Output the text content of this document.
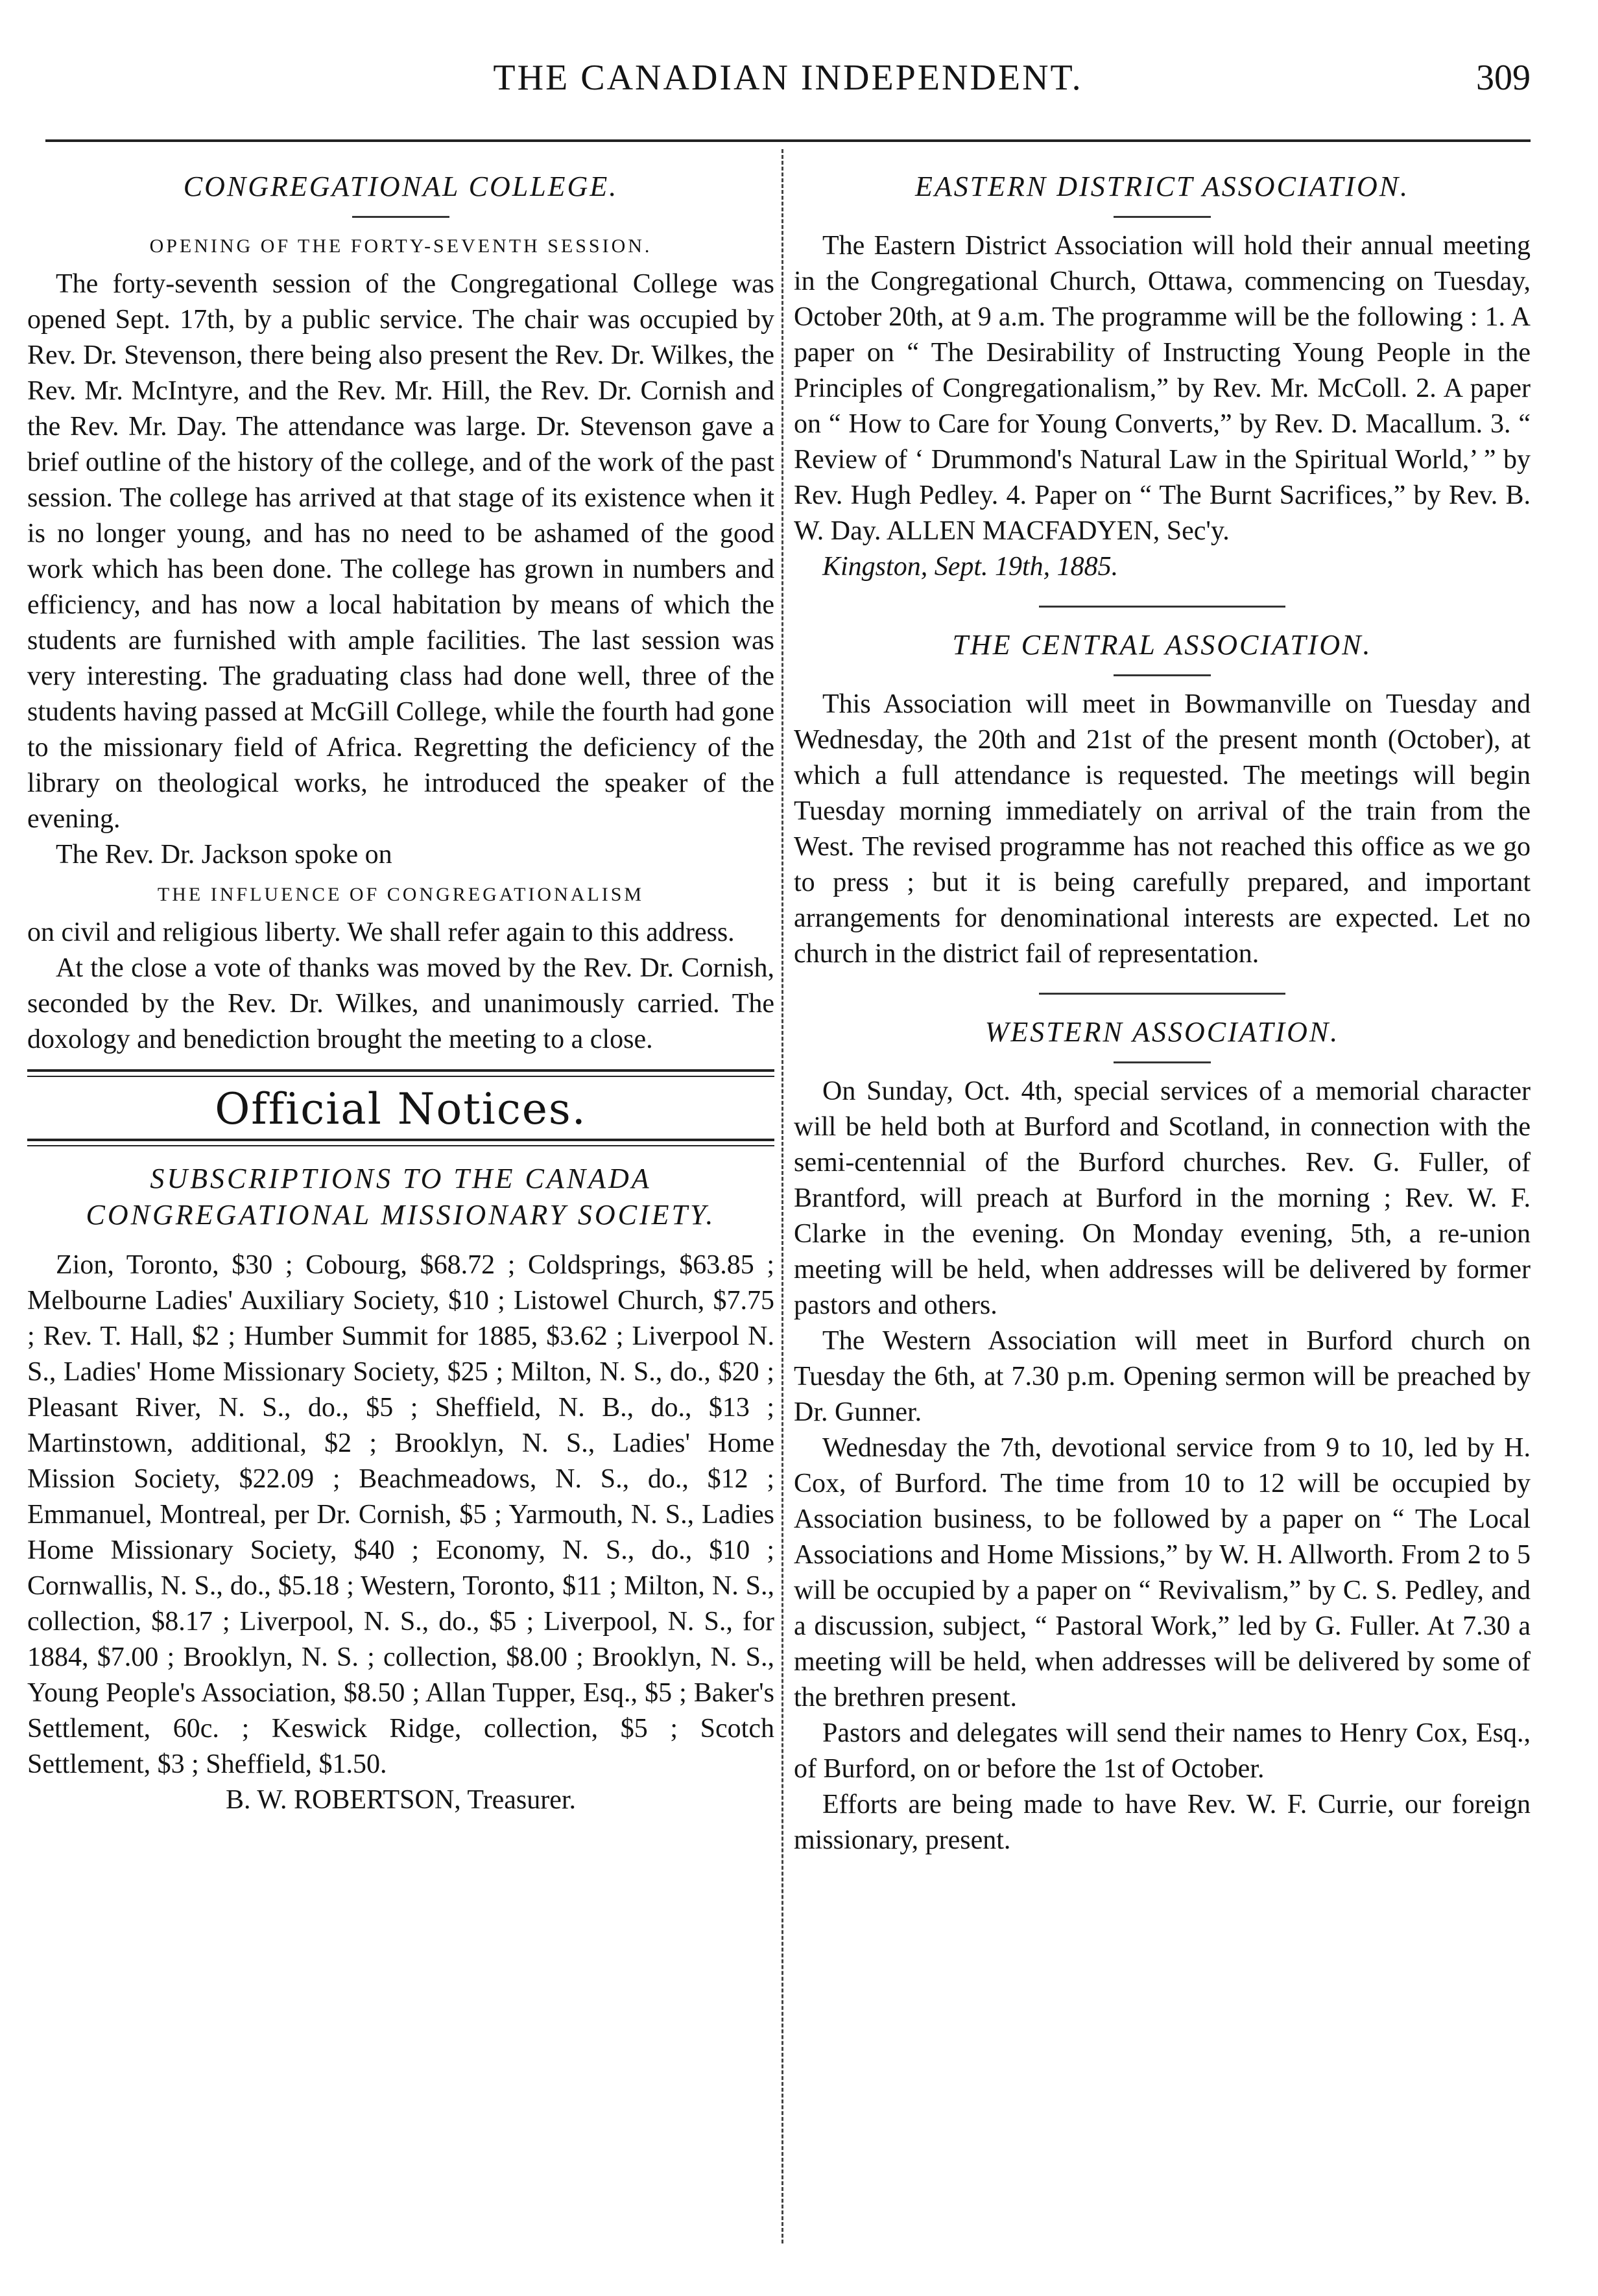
THE CANADIAN INDEPENDENT.	309
CONGREGATIONAL COLLEGE.
OPENING OF THE FORTY-SEVENTH SESSION.

The forty-seventh session of the Congregational College was opened Sept. 17th, by a public service. The chair was occupied by Rev. Dr. Stevenson, there being also present the Rev. Dr. Wilkes, the Rev. Mr. McIntyre, and the Rev. Mr. Hill, the Rev. Dr. Cornish and the Rev. Mr. Day. The attendance was large. Dr. Stevenson gave a brief outline of the history of the college, and of the work of the past session. The college has arrived at that stage of its existence when it is no longer young, and has no need to be ashamed of the good work which has been done. The college has grown in numbers and efficiency, and has now a local habitation by means of which the students are furnished with ample facilities. The last session was very interesting. The graduating class had done well, three of the students having passed at McGill College, while the fourth had gone to the missionary field of Africa. Regretting the deficiency of the library on theological works, he introduced the speaker of the evening.

The Rev. Dr. Jackson spoke on

THE INFLUENCE OF CONGREGATIONALISM

on civil and religious liberty. We shall refer again to this address.

At the close a vote of thanks was moved by the Rev. Dr. Cornish, seconded by the Rev. Dr. Wilkes, and unanimously carried. The doxology and benediction brought the meeting to a close.

Official Notices.
SUBSCRIPTIONS TO THE CANADA CONGREGATIONAL MISSIONARY SOCIETY.

Zion, Toronto, $30 ; Cobourg, $68.72 ; Coldsprings, $63.85 ; Melbourne Ladies' Auxiliary Society, $10 ; Listowel Church, $7.75 ; Rev. T. Hall, $2 ; Humber Summit for 1885, $3.62 ; Liverpool N. S., Ladies' Home Missionary Society, $25 ; Milton, N. S., do., $20 ; Pleasant River, N. S., do., $5 ; Sheffield, N. B., do., $13 ; Martinstown, additional, $2 ; Brooklyn, N. S., Ladies' Home Mission Society, $22.09 ; Beachmeadows, N. S., do., $12 ; Emmanuel, Montreal, per Dr. Cornish, $5 ; Yarmouth, N. S., Ladies Home Missionary Society, $40 ; Economy, N. S., do., $10 ; Cornwallis, N. S., do., $5.18 ; Western, Toronto, $11 ; Milton, N. S., collection, $8.17 ; Liverpool, N. S., do., $5 ; Liverpool, N. S., for 1884, $7.00 ; Brooklyn, N. S. ; collection, $8.00 ; Brooklyn, N. S., Young People's Association, $8.50 ; Allan Tupper, Esq., $5 ; Baker's Settlement, 60c. ; Keswick Ridge, collection, $5 ; Scotch Settlement, $3 ; Sheffield, $1.50.

B. W. ROBERTSON, Treasurer.

EASTERN DISTRICT ASSOCIATION.

The Eastern District Association will hold their annual meeting in the Congregational Church, Ottawa, commencing on Tuesday, October 20th, at 9 a.m. The programme will be the following : 1. A paper on “ The Desirability of Instructing Young People in the Principles of Congregationalism,” by Rev. Mr. McColl. 2. A paper on “ How to Care for Young Converts,” by Rev. D. Macallum. 3. “ Review of ‘ Drummond's Natural Law in the Spiritual World,’ ” by Rev. Hugh Pedley. 4. Paper on “ The Burnt Sacrifices,” by Rev. B. W. Day. ALLEN MACFADYEN, Sec'y.

Kingston, Sept. 19th, 1885.

THE CENTRAL ASSOCIATION.

This Association will meet in Bowmanville on Tuesday and Wednesday, the 20th and 21st of the present month (October), at which a full attendance is requested. The meetings will begin Tuesday morning immediately on arrival of the train from the West. The revised programme has not reached this office as we go to press ; but it is being carefully prepared, and important arrangements for denominational interests are expected. Let no church in the district fail of representation.

WESTERN ASSOCIATION.

On Sunday, Oct. 4th, special services of a memorial character will be held both at Burford and Scotland, in connection with the semi-centennial of the Burford churches. Rev. G. Fuller, of Brantford, will preach at Burford in the morning ; Rev. W. F. Clarke in the evening. On Monday evening, 5th, a re-union meeting will be held, when addresses will be delivered by former pastors and others.

The Western Association will meet in Burford church on Tuesday the 6th, at 7.30 p.m. Opening sermon will be preached by Dr. Gunner.

Wednesday the 7th, devotional service from 9 to 10, led by H. Cox, of Burford. The time from 10 to 12 will be occupied by Association business, to be followed by a paper on “ The Local Associations and Home Missions,” by W. H. Allworth. From 2 to 5 will be occupied by a paper on “ Revivalism,” by C. S. Pedley, and a discussion, subject, “ Pastoral Work,” led by G. Fuller. At 7.30 a meeting will be held, when addresses will be delivered by some of the brethren present.

Pastors and delegates will send their names to Henry Cox, Esq., of Burford, on or before the 1st of October.

Efforts are being made to have Rev. W. F. Currie, our foreign missionary, present.
